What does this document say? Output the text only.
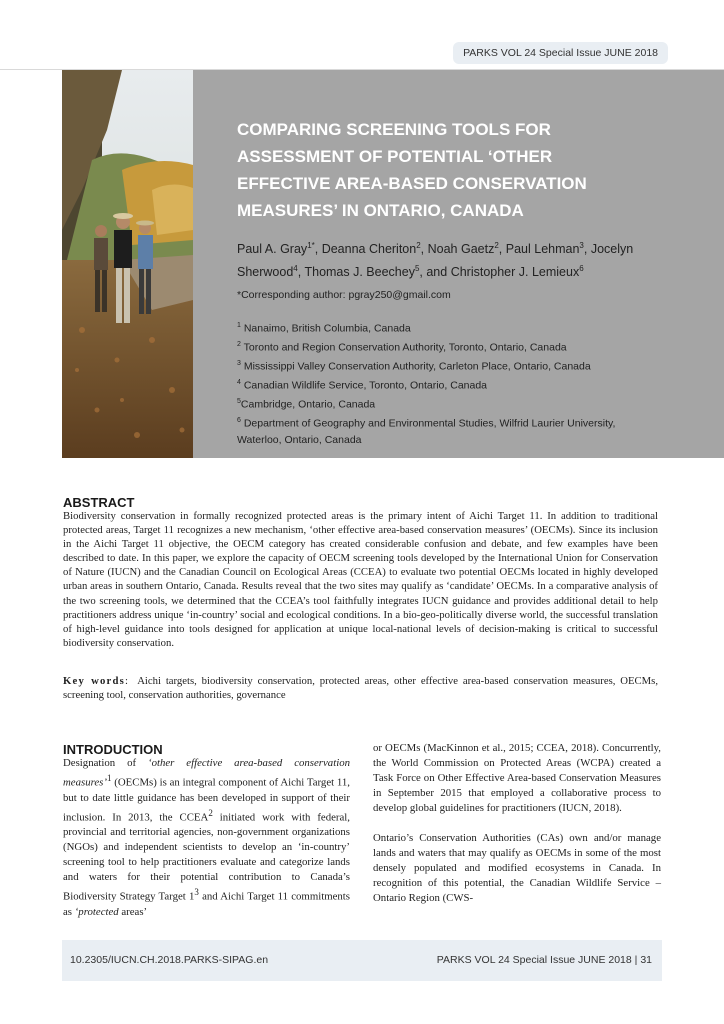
PARKS VOL 24 Special Issue JUNE 2018
COMPARING SCREENING TOOLS FOR
ASSESSMENT OF POTENTIAL ‘OTHER
EFFECTIVE AREA-BASED CONSERVATION
MEASURES’ IN ONTARIO, CANADA
Paul A. Gray$^{1*}$, Deanna Cheriton$^2$, Noah Gaetz$^2$, Paul Lehman$^3$, Jocelyn Sherwood$^4$, Thomas J. Beechey$^5$, and Christopher J. Lemieux$^6$
*Corresponding author: pgray250@gmail.com
$^1$ Nanaimo, British Columbia, Canada
$^2$ Toronto and Region Conservation Authority, Toronto, Ontario, Canada
$^3$ Mississippi Valley Conservation Authority, Carleton Place, Ontario, Canada
$^4$ Canadian Wildlife Service, Toronto, Ontario, Canada
$^5$Cambridge, Ontario, Canada
$^6$ Department of Geography and Environmental Studies, Wilfrid Laurier University, Waterloo, Ontario, Canada
ABSTRACT
Biodiversity conservation in formally recognized protected areas is the primary intent of Aichi Target 11. In addition to traditional protected areas, Target 11 recognizes a new mechanism, ‘other effective area-based conservation measures’ (OECMs). Since its inclusion in the Aichi Target 11 objective, the OECM category has created considerable confusion and debate, and few examples have been described to date. In this paper, we explore the capacity of OECM screening tools developed by the International Union for Conservation of Nature (IUCN) and the Canadian Council on Ecological Areas (CCEA) to evaluate two potential OECMs located in highly developed urban areas in southern Ontario, Canada. Results reveal that the two sites may qualify as ‘candidate’ OECMs. In a comparative analysis of the two screening tools, we determined that the CCEA’s tool faithfully integrates IUCN guidance and provides additional detail to help practitioners address unique ‘in-country’ social and ecological conditions. In a bio-geo-politically diverse world, the successful translation of high-level guidance into tools designed for application at unique local-national levels of decision-making is critical to successful biodiversity conservation.
Key words:  Aichi targets, biodiversity conservation, protected areas, other effective area-based conservation measures, OECMs, screening tool, conservation authorities, governance
INTRODUCTION
Designation of ‘other effective area-based conservation measures’$^1$ (OECMs) is an integral component of Aichi Target 11, but to date little guidance has been developed in support of their inclusion. In 2013, the CCEA$^2$ initiated work with federal, provincial and territorial agencies, non-government organizations (NGOs) and independent scientists to develop an ‘in-country’ screening tool to help practitioners evaluate and categorize lands and waters for their potential contribution to Canada’s Biodiversity Strategy Target $1^3$ and Aichi Target 11 commitments as ‘protected areas’

or OECMs (MacKinnon et al., 2015; CCEA, 2018). Concurrently, the World Commission on Protected Areas (WCPA) created a Task Force on Other Effective Area-based Conservation Measures in September 2015 that employed a collaborative process to develop global guidelines for practitioners (IUCN, 2018).

Ontario’s Conservation Authorities (CAs) own and/or manage lands and waters that may qualify as OECMs in some of the most densely populated and modified ecosystems in Canada. In recognition of this potential, the Canadian Wildlife Service – Ontario Region (CWS-

10.2305/IUCN.CH.2018.PARKS-SIPAG.en	PARKS VOL 24 Special Issue JUNE 2018 | 31
